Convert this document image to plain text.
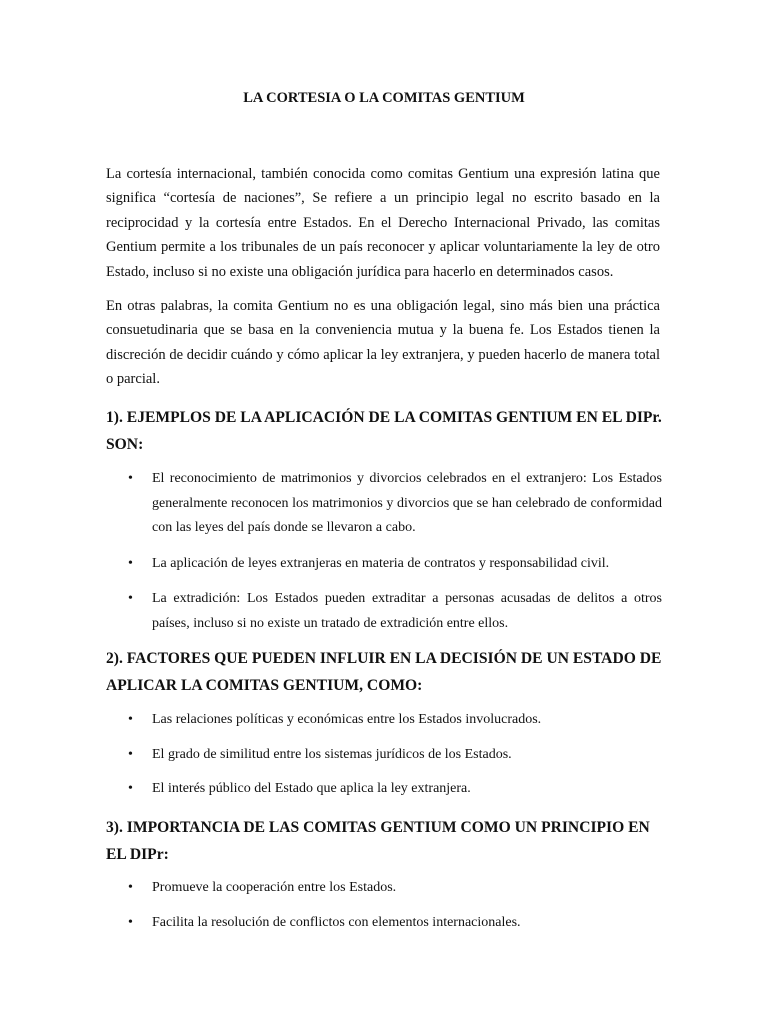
LA CORTESIA O LA COMITAS GENTIUM

La cortesía internacional, también conocida como comitas Gentium una expresión latina que significa “cortesía de naciones”, Se refiere a un principio legal no escrito basado en la reciprocidad y la cortesía entre Estados. En el Derecho Internacional Privado, las comitas Gentium permite a los tribunales de un país reconocer y aplicar voluntariamente la ley de otro Estado, incluso si no existe una obligación jurídica para hacerlo en determinados casos.

En otras palabras, la comita Gentium no es una obligación legal, sino más bien una práctica consuetudinaria que se basa en la conveniencia mutua y la buena fe. Los Estados tienen la discreción de decidir cuándo y cómo aplicar la ley extranjera, y pueden hacerlo de manera total o parcial.

1). EJEMPLOS DE LA APLICACIÓN DE LA COMITAS GENTIUM EN EL DIPr. SON:
• El reconocimiento de matrimonios y divorcios celebrados en el extranjero: Los Estados generalmente reconocen los matrimonios y divorcios que se han celebrado de conformidad con las leyes del país donde se llevaron a cabo.
• La aplicación de leyes extranjeras en materia de contratos y responsabilidad civil.
• La extradición: Los Estados pueden extraditar a personas acusadas de delitos a otros países, incluso si no existe un tratado de extradición entre ellos.
2). FACTORES QUE PUEDEN INFLUIR EN LA DECISIÓN DE UN ESTADO DE APLICAR LA COMITAS GENTIUM, COMO:
• Las relaciones políticas y económicas entre los Estados involucrados.
• El grado de similitud entre los sistemas jurídicos de los Estados.
• El interés público del Estado que aplica la ley extranjera.
3). IMPORTANCIA DE LAS COMITAS GENTIUM COMO UN PRINCIPIO EN EL DIPr:
• Promueve la cooperación entre los Estados.
• Facilita la resolución de conflictos con elementos internacionales.
